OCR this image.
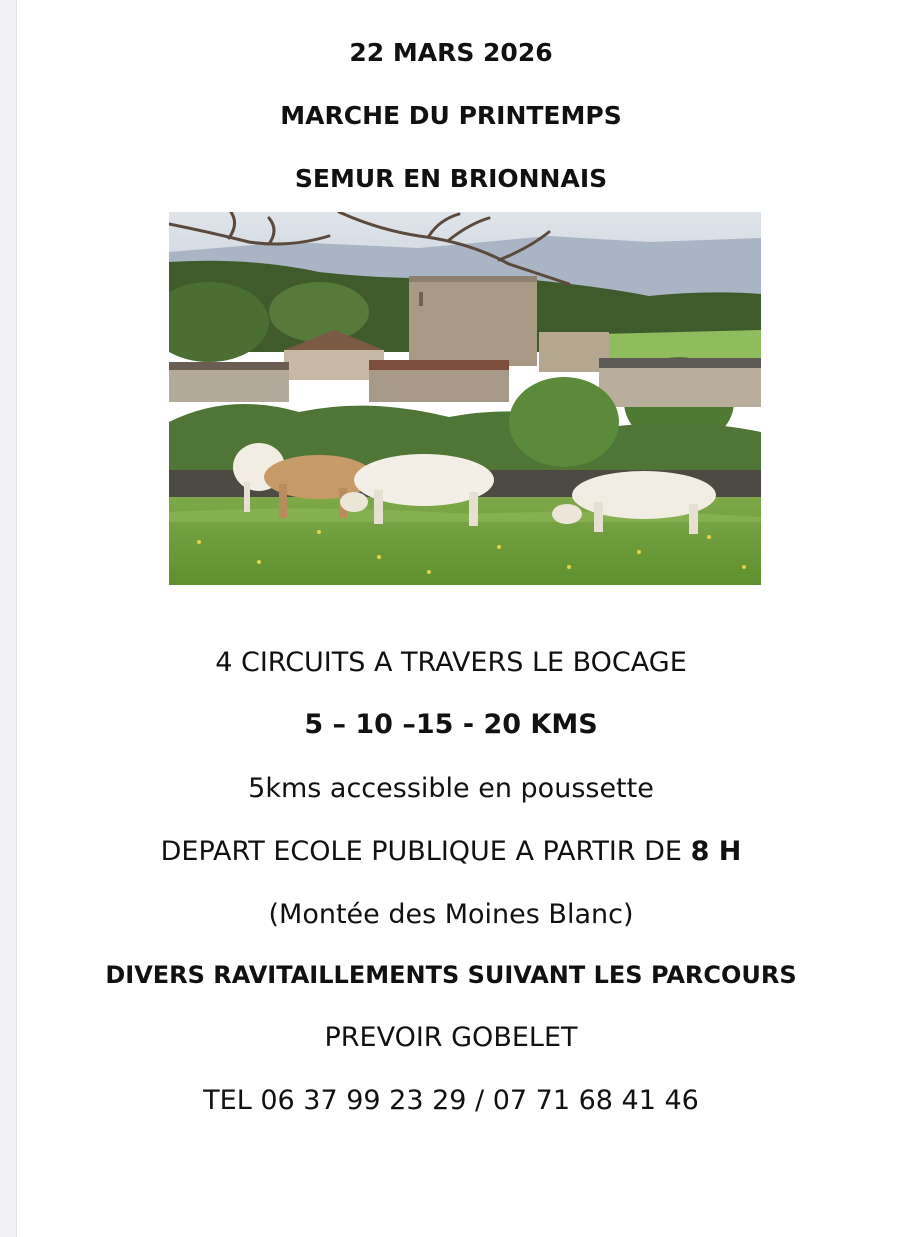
22 MARS 2026
MARCHE DU PRINTEMPS
SEMUR EN BRIONNAIS
4 CIRCUITS A TRAVERS LE BOCAGE
5 – 10 –15 - 20 KMS
5kms accessible en poussette
DEPART ECOLE PUBLIQUE A PARTIR DE 8 H
(Montée des Moines Blanc)
DIVERS RAVITAILLEMENTS SUIVANT LES PARCOURS
PREVOIR GOBELET
TEL 06 37 99 23 29 / 07 71 68 41 46
